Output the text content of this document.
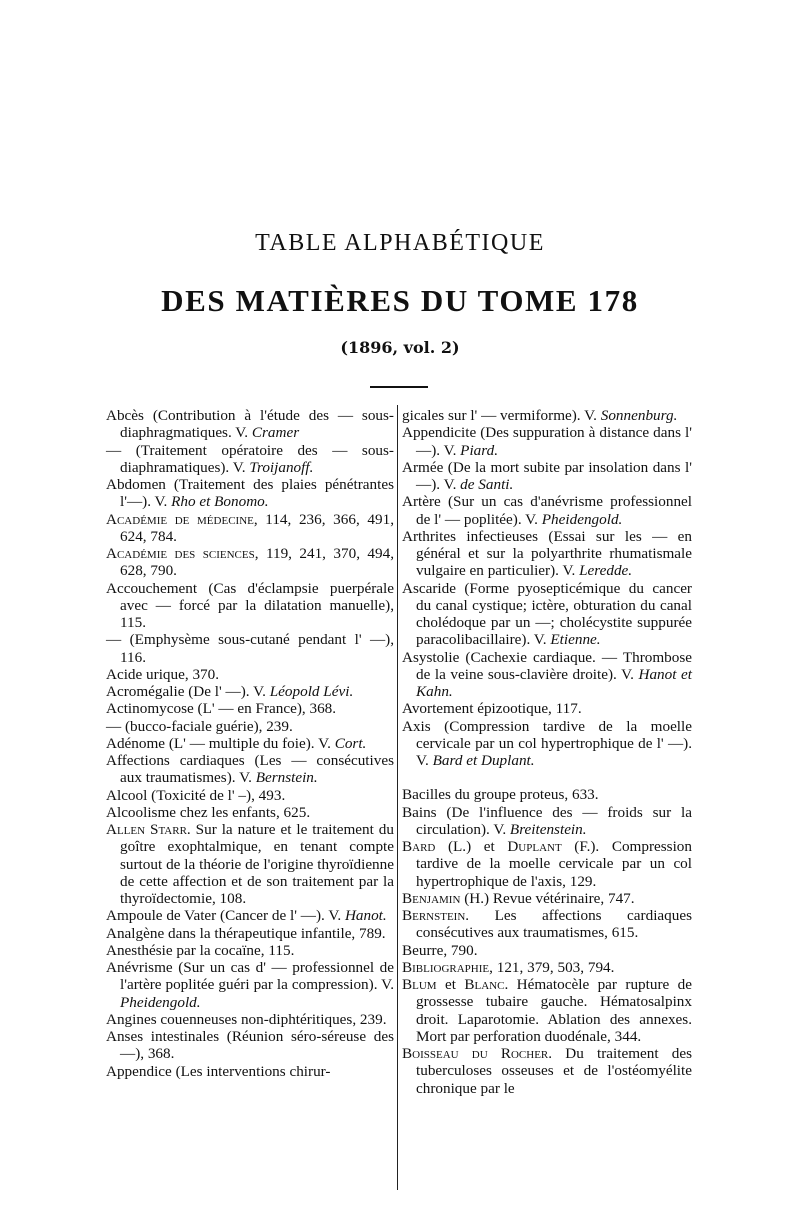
TABLE ALPHABÉTIQUE
DES MATIÈRES DU TOME 178
(1896, vol. 2)

Abcès (Contribution à l'étude des — sous-diaphragmatiques. V. Cramer

— (Traitement opératoire des — sous-diaphramatiques). V. Troijanoff.

Abdomen (Traitement des plaies pénétrantes l'—). V. Rho et Bonomo.

Académie de médecine, 114, 236, 366, 491, 624, 784.

Académie des sciences, 119, 241, 370, 494, 628, 790.

Accouchement (Cas d'éclampsie puerpérale avec — forcé par la dilatation manuelle), 115.

— (Emphysème sous-cutané pendant l' —), 116.

Acide urique, 370.

Acromégalie (De l' —). V. Léopold Lévi.

Actinomycose (L' — en France), 368.

— (bucco-faciale guérie), 239.

Adénome (L' — multiple du foie). V. Cort.

Affections cardiaques (Les — consécutives aux traumatismes). V. Bernstein.

Alcool (Toxicité de l' –), 493.

Alcoolisme chez les enfants, 625.

Allen Starr. Sur la nature et le traitement du goître exophtalmique, en tenant compte surtout de la théorie de l'origine thyroïdienne de cette affection et de son traitement par la thyroïdectomie, 108.

Ampoule de Vater (Cancer de l' —). V. Hanot.

Analgène dans la thérapeutique infantile, 789.

Anesthésie par la cocaïne, 115.

Anévrisme (Sur un cas d' — professionnel de l'artère poplitée guéri par la compression). V. Pheidengold.

Angines couenneuses non-diphtéritiques, 239.

Anses intestinales (Réunion séro-séreuse des —), 368.

Appendice (Les interventions chirur-

gicales sur l' — vermiforme). V. Sonnenburg.

Appendicite (Des suppuration à distance dans l' —). V. Piard.

Armée (De la mort subite par insolation dans l' —). V. de Santi.

Artère (Sur un cas d'anévrisme professionnel de l' — poplitée). V. Pheidengold.

Arthrites infectieuses (Essai sur les — en général et sur la polyarthrite rhumatismale vulgaire en particulier). V. Leredde.

Ascaride (Forme pyosepticémique du cancer du canal cystique; ictère, obturation du canal cholédoque par un —; cholécystite suppurée paracolibacillaire). V. Etienne.

Asystolie (Cachexie cardiaque. — Thrombose de la veine sous-clavière droite). V. Hanot et Kahn.

Avortement épizootique, 117.

Axis (Compression tardive de la moelle cervicale par un col hypertrophique de l' —). V. Bard et Duplant.

Bacilles du groupe proteus, 633.

Bains (De l'influence des — froids sur la circulation). V. Breitenstein.

Bard (L.) et Duplant (F.). Compression tardive de la moelle cervicale par un col hypertrophique de l'axis, 129.

Benjamin (H.) Revue vétérinaire, 747.

Bernstein. Les affections cardiaques consécutives aux traumatismes, 615.

Beurre, 790.

Bibliographie, 121, 379, 503, 794.

Blum et Blanc. Hématocèle par rupture de grossesse tubaire gauche. Hématosalpinx droit. Laparotomie. Ablation des annexes. Mort par perforation duodénale, 344.

Boisseau du Rocher. Du traitement des tuberculoses osseuses et de l'ostéomyélite chronique par le
